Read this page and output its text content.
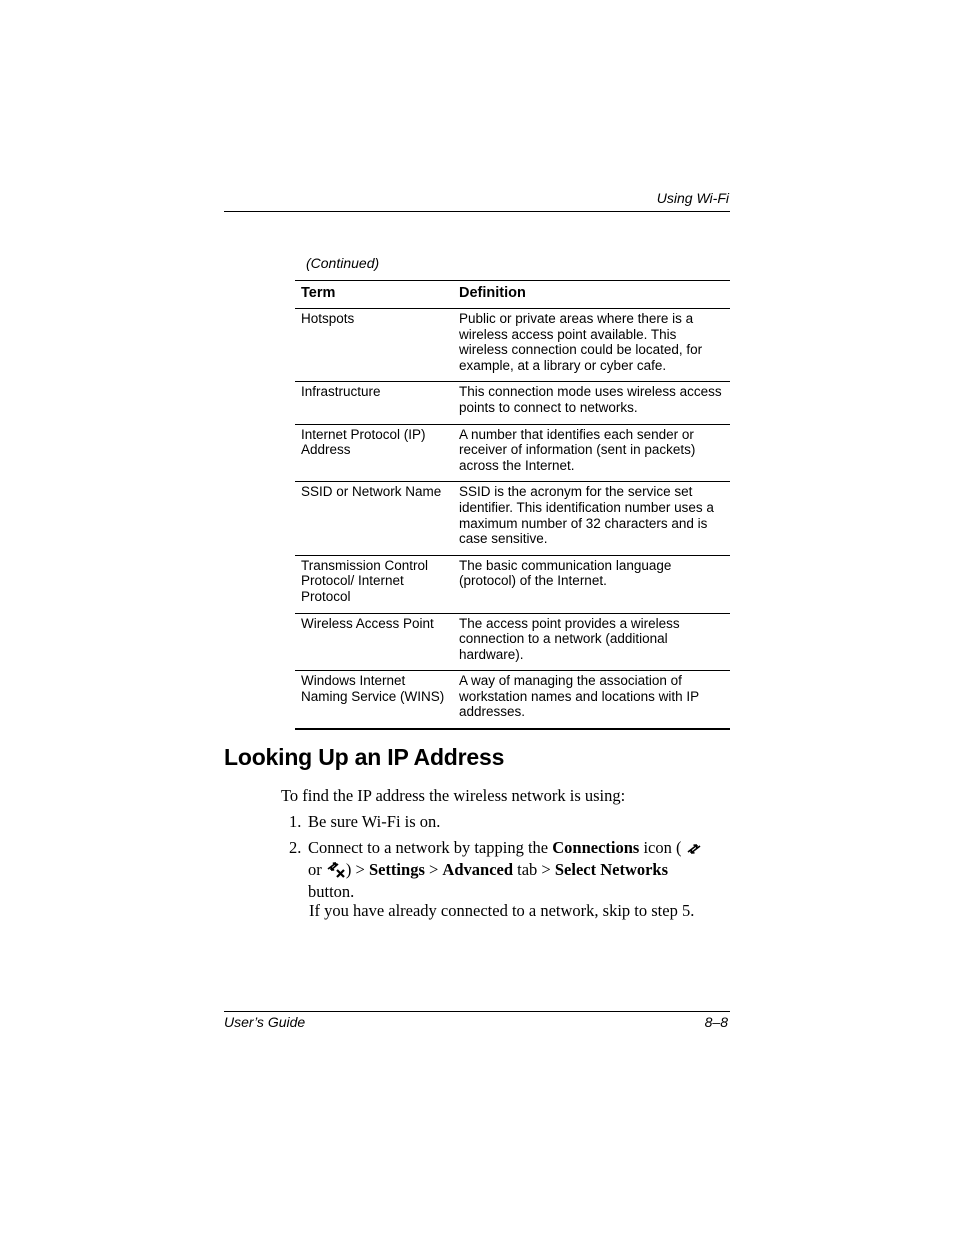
Using Wi-Fi
(Continued)
Term	Definition
Hotspots	Public or private areas where there is a wireless access point available. This wireless connection could be located, for example, at a library or cyber cafe.
Infrastructure	This connection mode uses wireless access points to connect to networks.
Internet Protocol (IP) Address	A number that identifies each sender or receiver of information (sent in packets) across the Internet.
SSID or Network Name	SSID is the acronym for the service set identifier. This identification number uses a maximum number of 32 characters and is case sensitive.
Transmission Control Protocol/ Internet Protocol	The basic communication language (protocol) of the Internet.
Wireless Access Point	The access point provides a wireless connection to a network (additional hardware).
Windows Internet Naming Service (WINS)	A way of managing the association of workstation names and locations with IP addresses.
Looking Up an IP Address
To find the IP address the wireless network is using:
1. Be sure Wi-Fi is on.
2. Connect to a network by tapping the Connections icon (
or ) > Settings > Advanced tab > Select Networks button.
If you have already connected to a network, skip to step 5.
User’s Guide	8–8
